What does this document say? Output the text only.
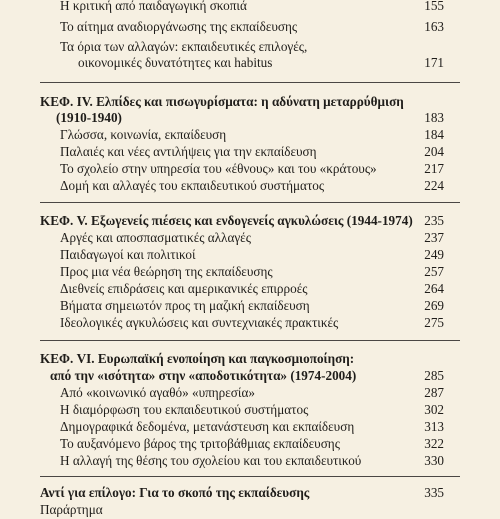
Η κριτική από παιδαγωγική σκοπιά	155
Το αίτημα αναδιοργάνωσης της εκπαίδευσης	163
Τα όρια των αλλαγών: εκπαιδευτικές επιλογές,
οικονομικές δυνατότητες και habitus	171
ΚΕΦ. IV. Ελπίδες και πισωγυρίσματα: η αδύνατη μεταρρύθμιση
(1910-1940)	183
Γλώσσα, κοινωνία, εκπαίδευση	184
Παλαιές και νέες αντιλήψεις για την εκπαίδευση	204
Το σχολείο στην υπηρεσία του «έθνους» και του «κράτους»	217
Δομή και αλλαγές του εκπαιδευτικού συστήματος	224
ΚΕΦ. V. Εξωγενείς πιέσεις και ενδογενείς αγκυλώσεις (1944-1974) 235
Αργές και αποσπασματικές αλλαγές	237
Παιδαγωγοί και πολιτικοί	249
Προς μια νέα θεώρηση της εκπαίδευσης	257
Διεθνείς επιδράσεις και αμερικανικές επιρροές	264
Βήματα σημειωτόν προς τη μαζική εκπαίδευση	269
Ιδεολογικές αγκυλώσεις και συντεχνιακές πρακτικές	275
ΚΕΦ. VI. Ευρωπαϊκή ενοποίηση και παγκοσμιοποίηση:
από την «ισότητα» στην «αποδοτικότητα» (1974-2004)	285
Από «κοινωνικό αγαθό» «υπηρεσία»	287
Η διαμόρφωση του εκπαιδευτικού συστήματος	302
Δημογραφικά δεδομένα, μετανάστευση και εκπαίδευση	313
Το αυξανόμενο βάρος της τριτοβάθμιας εκπαίδευσης	322
Η αλλαγή της θέσης του σχολείου και του εκπαιδευτικού	330
Αντί για επίλογο: Για το σκοπό της εκπαίδευσης	335
Παράρτημα
